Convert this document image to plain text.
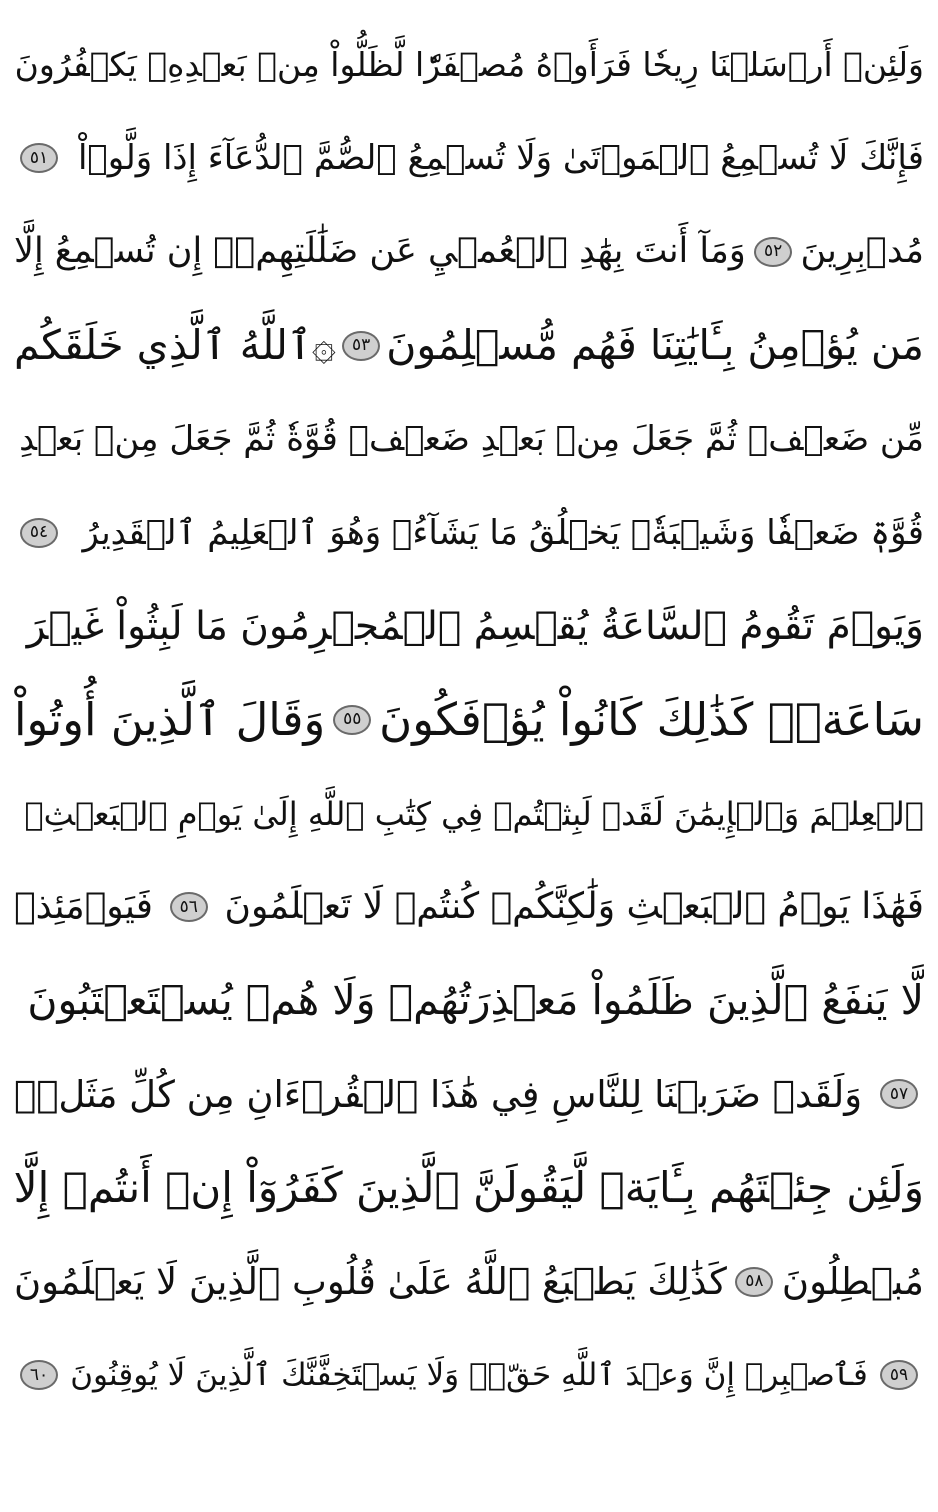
وَلَئِنۡ أَرۡسَلۡنَا رِيحٗا فَرَأَوۡهُ مُصۡفَرّٗا لَّظَلُّواْ مِنۢ بَعۡدِهِۦ يَكۡفُرُونَ
فَإِنَّكَ لَا تُسۡمِعُ ٱلۡمَوۡتَىٰ وَلَا تُسۡمِعُ ٱلصُّمَّ ٱلدُّعَآءَ إِذَا وَلَّوۡاْ
٥١
مُدۡبِرِينَ
٥٢
وَمَآ أَنتَ بِهَٰدِ ٱلۡعُمۡيِ عَن ضَلَٰلَتِهِمۡۖ إِن تُسۡمِعُ إِلَّا
مَن يُؤۡمِنُ بِـَٔايَٰتِنَا فَهُم مُّسۡلِمُونَ
٥٣
۞ٱللَّهُ ٱلَّذِي خَلَقَكُم
مِّن ضَعۡفٖ ثُمَّ جَعَلَ مِنۢ بَعۡدِ ضَعۡفٖ قُوَّةٗ ثُمَّ جَعَلَ مِنۢ بَعۡدِ
قُوَّةٖ ضَعۡفٗا وَشَيۡبَةٗۚ يَخۡلُقُ مَا يَشَآءُۚ وَهُوَ ٱلۡعَلِيمُ ٱلۡقَدِيرُ
٥٤
وَيَوۡمَ تَقُومُ ٱلسَّاعَةُ يُقۡسِمُ ٱلۡمُجۡرِمُونَ مَا لَبِثُواْ غَيۡرَ
سَاعَةٖۚ كَذَٰلِكَ كَانُواْ يُؤۡفَكُونَ
٥٥
وَقَالَ ٱلَّذِينَ أُوتُواْ
ٱلۡعِلۡمَ وَٱلۡإِيمَٰنَ لَقَدۡ لَبِثۡتُمۡ فِي كِتَٰبِ ٱللَّهِ إِلَىٰ يَوۡمِ ٱلۡبَعۡثِۖ
فَهَٰذَا يَوۡمُ ٱلۡبَعۡثِ وَلَٰكِنَّكُمۡ كُنتُمۡ لَا تَعۡلَمُونَ
٥٦
فَيَوۡمَئِذٖ
لَّا يَنفَعُ ٱلَّذِينَ ظَلَمُواْ مَعۡذِرَتُهُمۡ وَلَا هُمۡ يُسۡتَعۡتَبُونَ
٥٧
وَلَقَدۡ ضَرَبۡنَا لِلنَّاسِ فِي هَٰذَا ٱلۡقُرۡءَانِ مِن كُلِّ مَثَلٖۚ
وَلَئِن جِئۡتَهُم بِـَٔايَةٖ لَّيَقُولَنَّ ٱلَّذِينَ كَفَرُوٓاْ إِنۡ أَنتُمۡ إِلَّا
مُبۡطِلُونَ
٥٨
كَذَٰلِكَ يَطۡبَعُ ٱللَّهُ عَلَىٰ قُلُوبِ ٱلَّذِينَ لَا يَعۡلَمُونَ
٥٩
فَٱصۡبِرۡ إِنَّ وَعۡدَ ٱللَّهِ حَقّٞۖ وَلَا يَسۡتَخِفَّنَّكَ ٱلَّذِينَ لَا يُوقِنُونَ
٦٠
